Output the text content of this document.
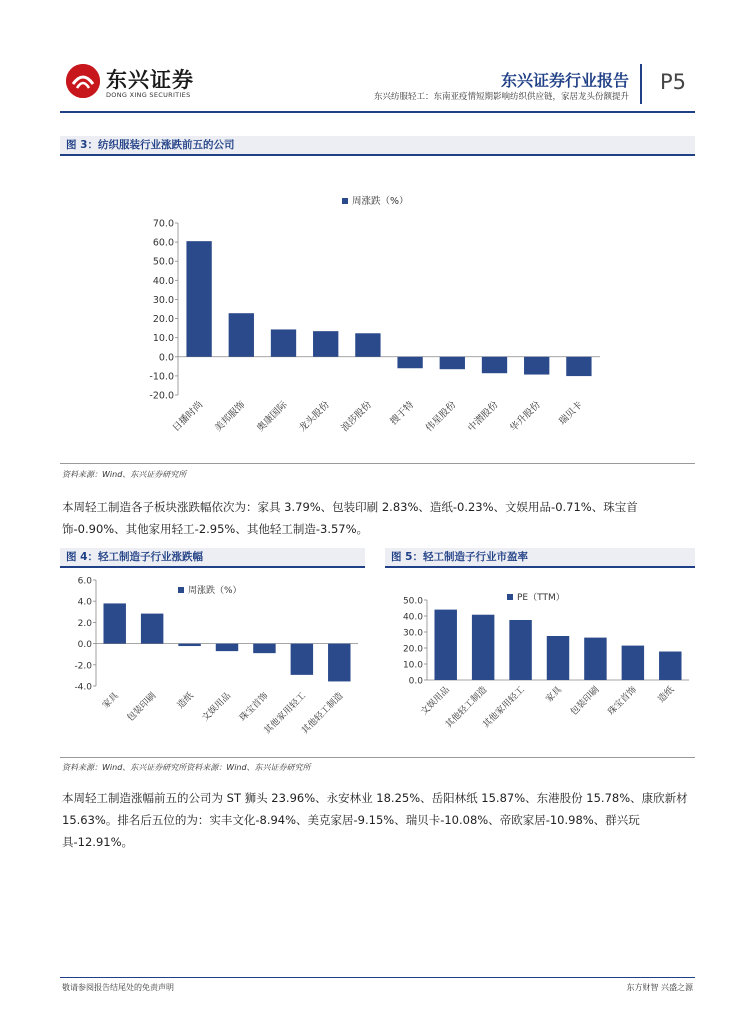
东兴证券
DONG XING SECURITIES
东兴证券行业报告
东兴纺服轻工：东南亚疫情短期影响纺织供应链，家居龙头份额提升
P5
图 3：纺织服装行业涨跌前五的公司
周涨跌（%）
70.0
60.0
50.0
40.0
30.0
20.0
10.0
0.0
-10.0
-20.0
日播时尚 美邦服饰 奥康国际 龙头股份 浪莎股份 搜于特 伟星股份 中潜股份 华升股份 瑞贝卡
资料来源：Wind、东兴证券研究所
本周轻工制造各子板块涨跌幅依次为：家具 3.79%、包装印刷 2.83%、造纸-0.23%、文娱用品-0.71%、珠宝首饰-0.90%、其他家用轻工-2.95%、其他轻工制造-3.57%。
图 4：轻工制造子行业涨跌幅	图 5：轻工制造子行业市盈率
周涨跌（%）
6.0
4.0
2.0
0.0
-2.0
-4.0
家具 包装印刷 造纸 文娱用品 珠宝首饰
其他家用轻工
其他轻工制造
PE（TTM）
50.0
40.0
30.0
20.0
10.0
0.0
文娱用品
其他轻工制造
其他家用轻工 家具 包装印刷 珠宝首饰 造纸
资料来源：Wind、东兴证券研究所资料来源：Wind、东兴证券研究所
本周轻工制造涨幅前五的公司为 ST 狮头 23.96%、永安林业 18.25%、岳阳林纸 15.87%、东港股份 15.78%、康欣新材 15.63%。排名后五位的为：实丰文化-8.94%、美克家居-9.15%、瑞贝卡-10.08%、帝欧家居-10.98%、群兴玩具-12.91%。
敬请参阅报告结尾处的免责声明	东方财智 兴盛之源
